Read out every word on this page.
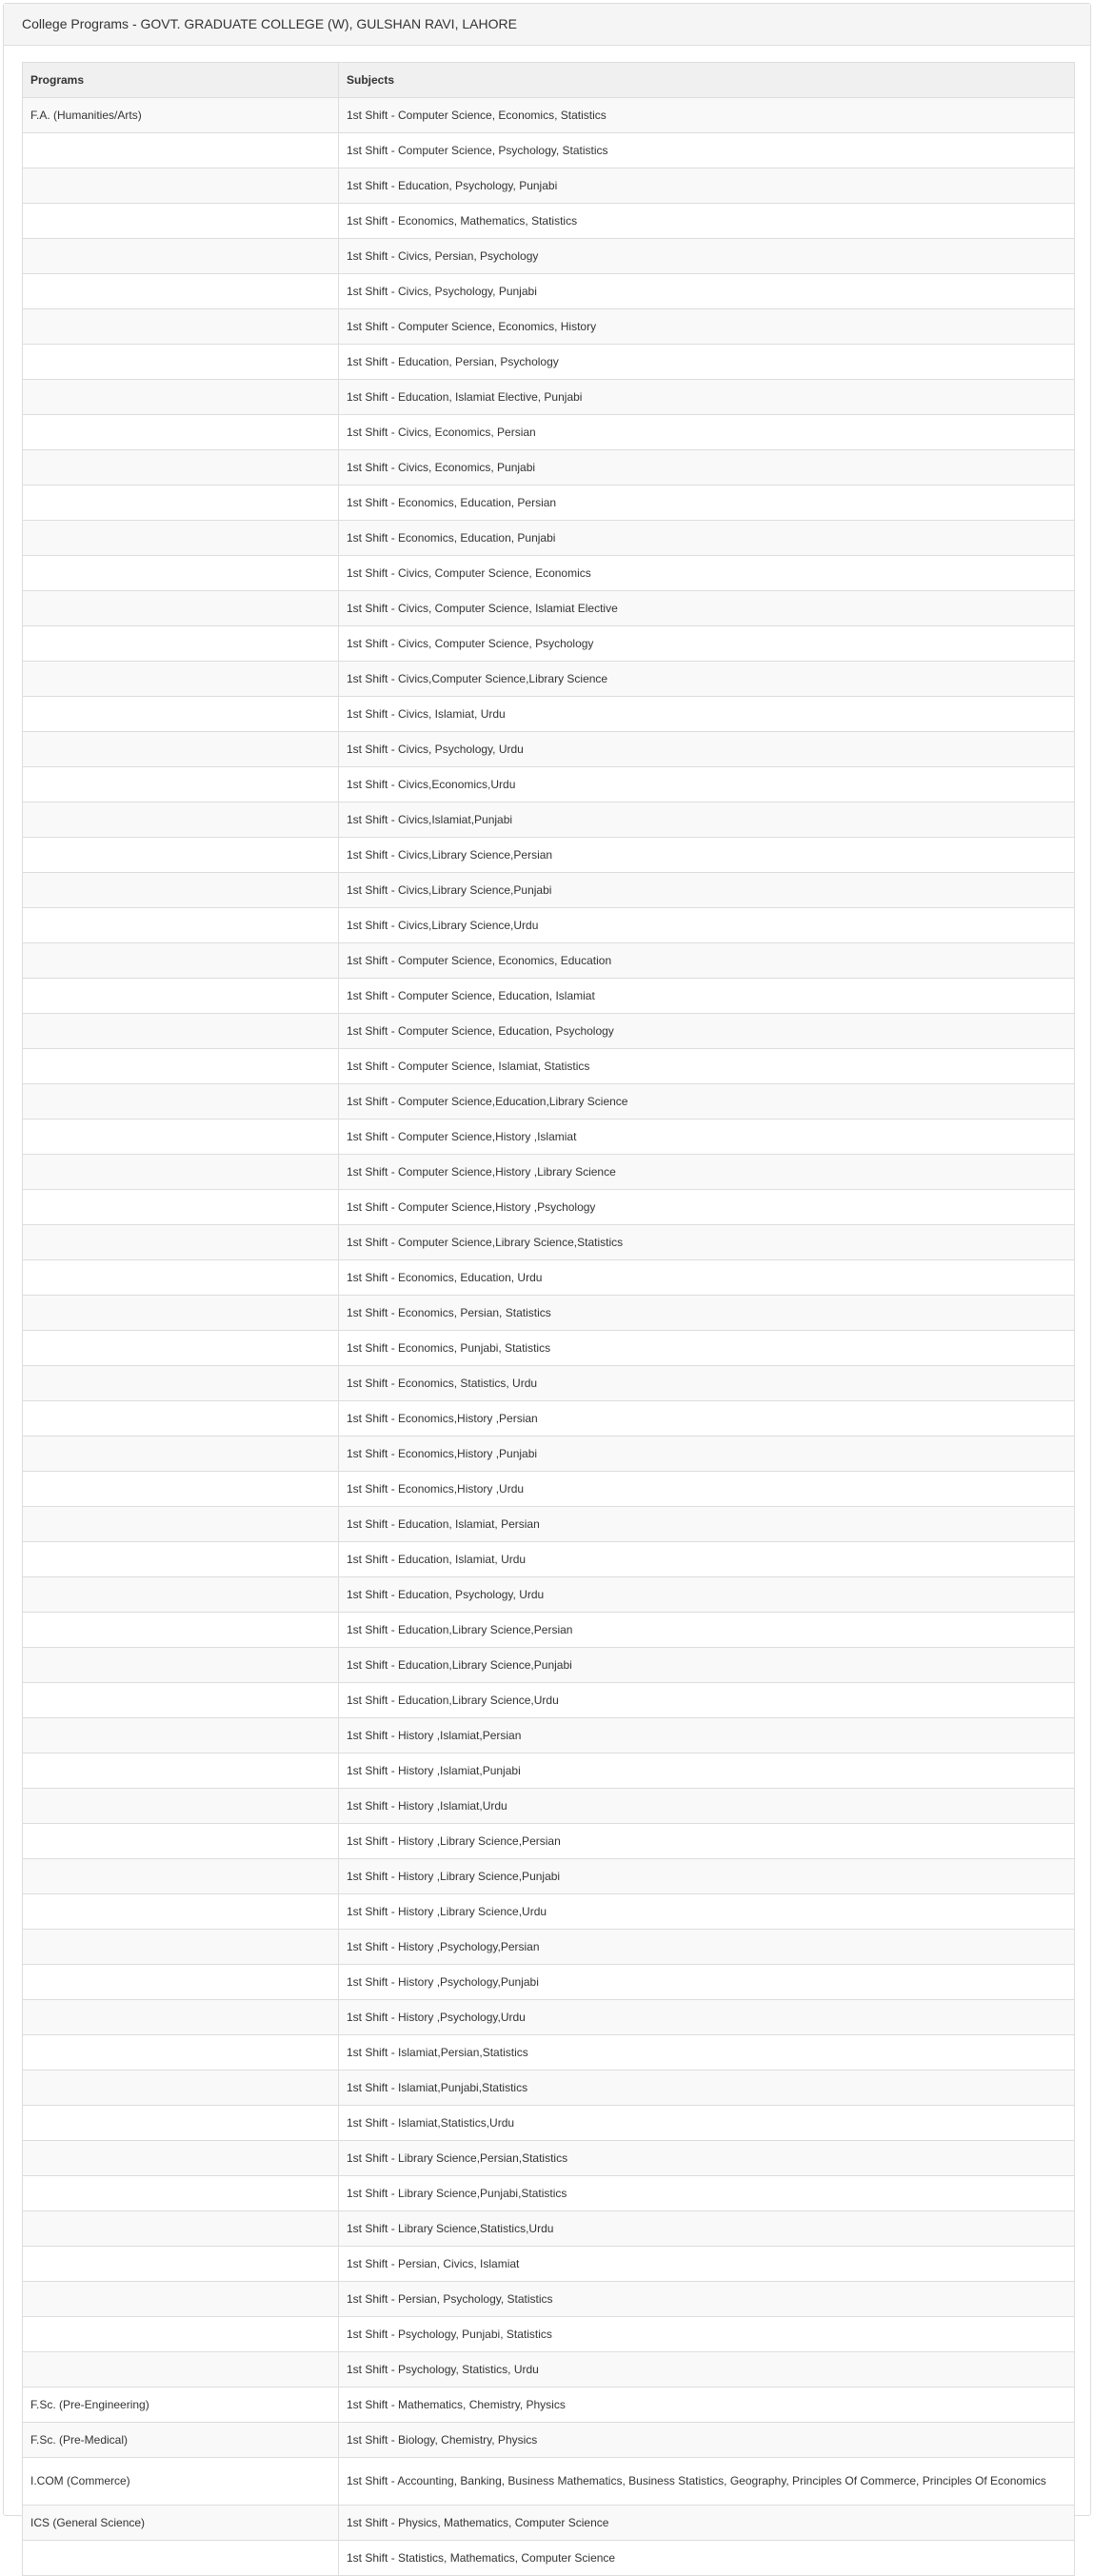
College Programs - GOVT. GRADUATE COLLEGE (W), GULSHAN RAVI, LAHORE
Programs	Subjects
F.A. (Humanities/Arts)	1st Shift - Computer Science, Economics, Statistics
	1st Shift - Computer Science, Psychology, Statistics
	1st Shift - Education, Psychology, Punjabi
	1st Shift - Economics, Mathematics, Statistics
	1st Shift - Civics, Persian, Psychology
	1st Shift - Civics, Psychology, Punjabi
	1st Shift - Computer Science, Economics, History
	1st Shift - Education, Persian, Psychology
	1st Shift - Education, Islamiat Elective, Punjabi
	1st Shift - Civics, Economics, Persian
	1st Shift - Civics, Economics, Punjabi
	1st Shift - Economics, Education, Persian
	1st Shift - Economics, Education, Punjabi
	1st Shift - Civics, Computer Science, Economics
	1st Shift - Civics, Computer Science, Islamiat Elective
	1st Shift - Civics, Computer Science, Psychology
	1st Shift - Civics,Computer Science,Library Science
	1st Shift - Civics, Islamiat, Urdu
	1st Shift - Civics, Psychology, Urdu
	1st Shift - Civics,Economics,Urdu
	1st Shift - Civics,Islamiat,Punjabi
	1st Shift - Civics,Library Science,Persian
	1st Shift - Civics,Library Science,Punjabi
	1st Shift - Civics,Library Science,Urdu
	1st Shift - Computer Science, Economics, Education
	1st Shift - Computer Science, Education, Islamiat
	1st Shift - Computer Science, Education, Psychology
	1st Shift - Computer Science, Islamiat, Statistics
	1st Shift - Computer Science,Education,Library Science
	1st Shift - Computer Science,History ,Islamiat
	1st Shift - Computer Science,History ,Library Science
	1st Shift - Computer Science,History ,Psychology
	1st Shift - Computer Science,Library Science,Statistics
	1st Shift - Economics, Education, Urdu
	1st Shift - Economics, Persian, Statistics
	1st Shift - Economics, Punjabi, Statistics
	1st Shift - Economics, Statistics, Urdu
	1st Shift - Economics,History ,Persian
	1st Shift - Economics,History ,Punjabi
	1st Shift - Economics,History ,Urdu
	1st Shift - Education, Islamiat, Persian
	1st Shift - Education, Islamiat, Urdu
	1st Shift - Education, Psychology, Urdu
	1st Shift - Education,Library Science,Persian
	1st Shift - Education,Library Science,Punjabi
	1st Shift - Education,Library Science,Urdu
	1st Shift - History ,Islamiat,Persian
	1st Shift - History ,Islamiat,Punjabi
	1st Shift - History ,Islamiat,Urdu
	1st Shift - History ,Library Science,Persian
	1st Shift - History ,Library Science,Punjabi
	1st Shift - History ,Library Science,Urdu
	1st Shift - History ,Psychology,Persian
	1st Shift - History ,Psychology,Punjabi
	1st Shift - History ,Psychology,Urdu
	1st Shift - Islamiat,Persian,Statistics
	1st Shift - Islamiat,Punjabi,Statistics
	1st Shift - Islamiat,Statistics,Urdu
	1st Shift - Library Science,Persian,Statistics
	1st Shift - Library Science,Punjabi,Statistics
	1st Shift - Library Science,Statistics,Urdu
	1st Shift - Persian, Civics, Islamiat
	1st Shift - Persian, Psychology, Statistics
	1st Shift - Psychology, Punjabi, Statistics
	1st Shift - Psychology, Statistics, Urdu
F.Sc. (Pre-Engineering)	1st Shift - Mathematics, Chemistry, Physics
F.Sc. (Pre-Medical)	1st Shift - Biology, Chemistry, Physics
I.COM (Commerce)	1st Shift - Accounting, Banking, Business Mathematics, Business Statistics, Geography, Principles Of Commerce, Principles Of Economics
ICS (General Science)	1st Shift - Physics, Mathematics, Computer Science
	1st Shift - Statistics, Mathematics, Computer Science
